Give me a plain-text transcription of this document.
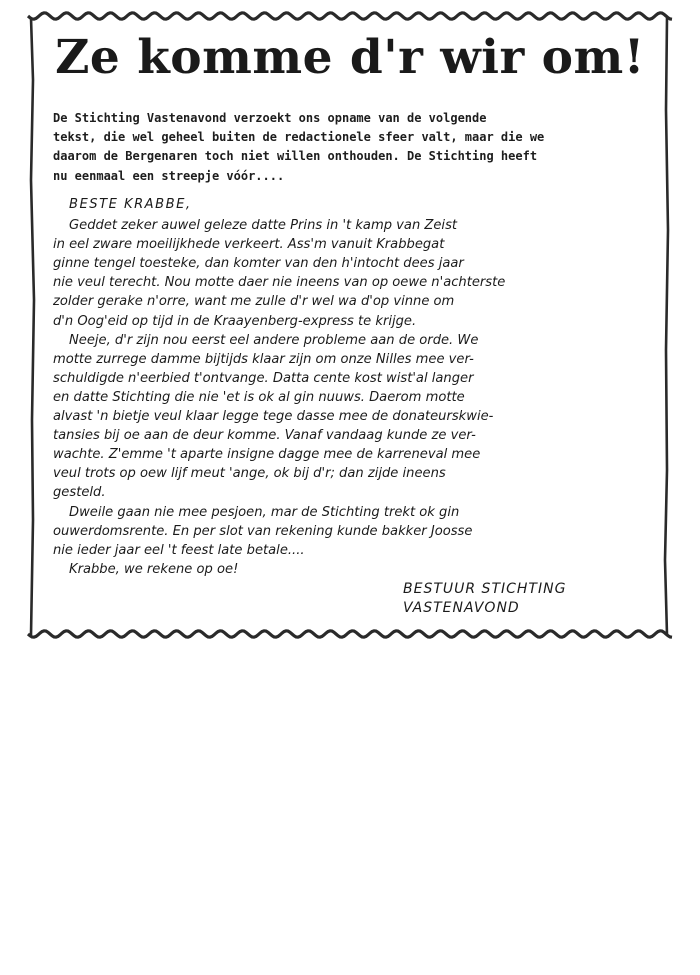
Ze komme d'r wir om!
De Stichting Vastenavond verzoekt ons opname van de volgende
tekst, die wel geheel buiten de redactionele sfeer valt, maar die we
daarom de Bergenaren toch niet willen onthouden. De Stichting heeft
nu eenmaal een streepje vóór....
BESTE KRABBE,
Geddet zeker auwel geleze datte Prins in 't kamp van Zeist
in eel zware moeilijkhede verkeert. Ass'm vanuit Krabbegat
ginne tengel toesteke, dan komter van den h'intocht dees jaar
nie veul terecht. Nou motte daer nie ineens van op oewe n'achterste
zolder gerake n'orre, want me zulle d'r wel wa d'op vinne om
d'n Oog'eid op tijd in de Kraayenberg-express te krijge.
Neeje, d'r zijn nou eerst eel andere probleme aan de orde. We
motte zurrege damme bijtijds klaar zijn om onze Nilles mee ver-
schuldigde n'eerbied t'ontvange. Datta cente kost wist'al langer
en datte Stichting die nie 'et is ok al gin nuuws. Daerom motte
alvast 'n bietje veul klaar legge tege dasse mee de donateurskwie-
tansies bij oe aan de deur komme. Vanaf vandaag kunde ze ver-
wachte. Z'emme 't aparte insigne dagge mee de karreneval mee
veul trots op oew lijf meut 'ange, ok bij d'r; dan zijde ineens
gesteld.
Dweile gaan nie mee pesjoen, mar de Stichting trekt ok gin
ouwerdomsrente. En per slot van rekening kunde bakker Joosse
nie ieder jaar eel 't feest late betale....
Krabbe, we rekene op oe!
BESTUUR STICHTING
VASTENAVOND
